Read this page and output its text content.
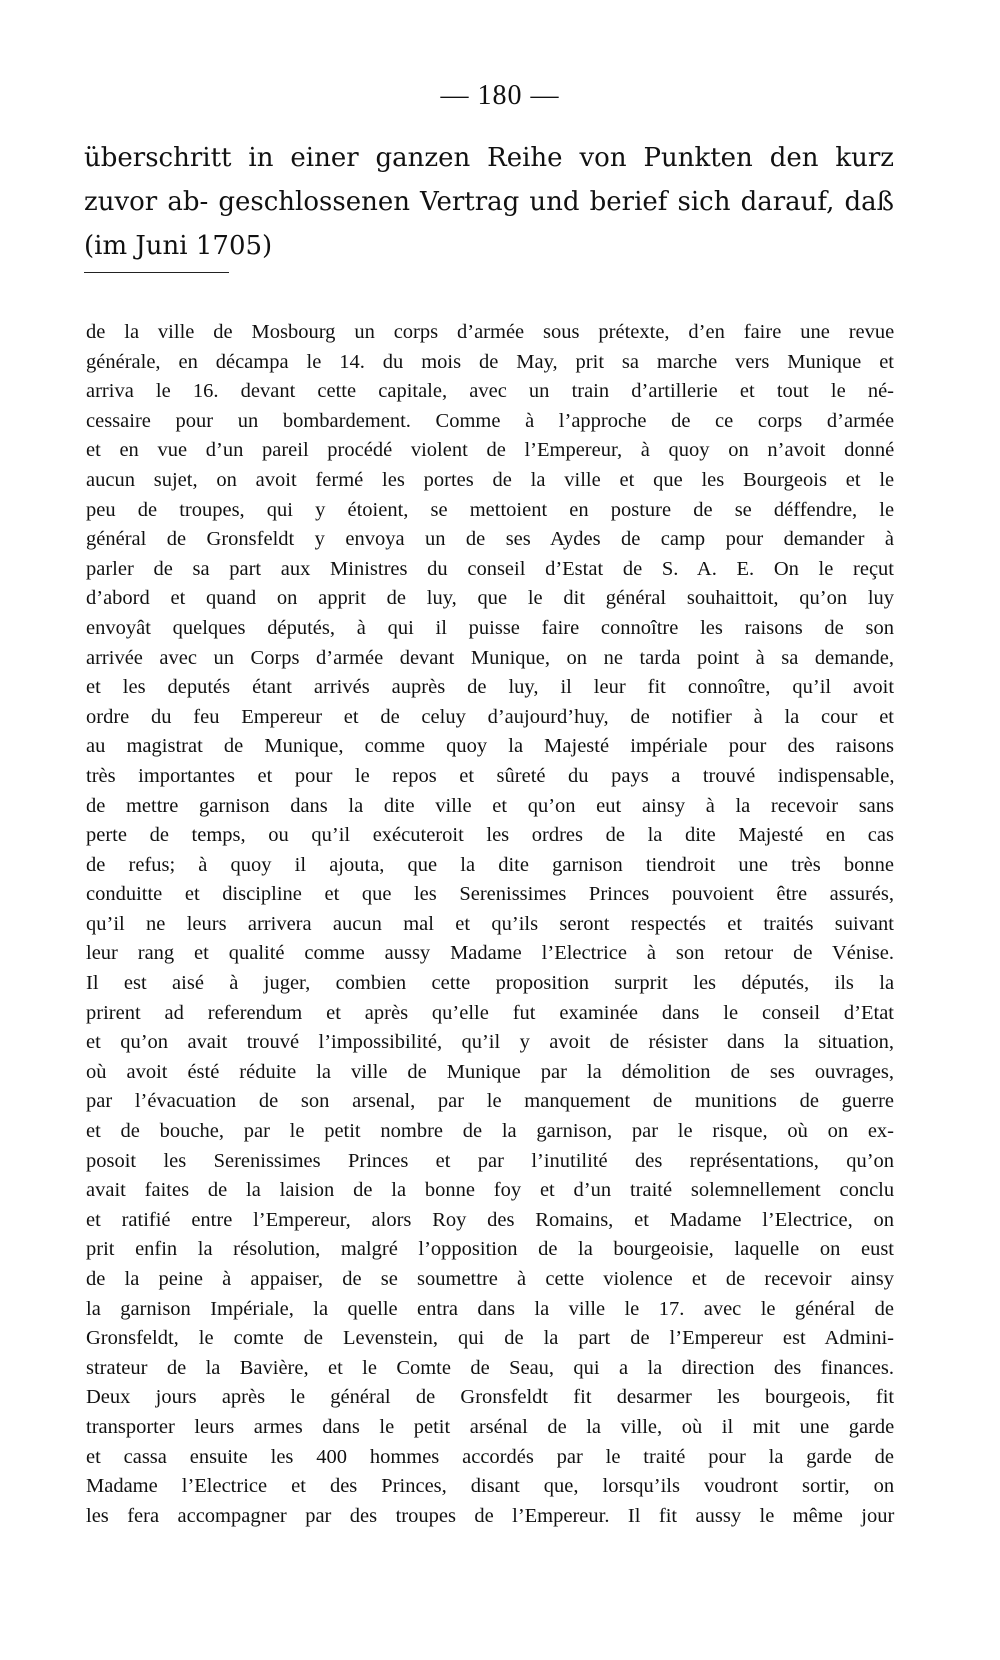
— 180 —

überschritt in einer ganzen Reihe von Punkten den kurz zuvor ab- geschlossenen Vertrag und berief sich darauf, daß (im Juni 1705)

de la ville de Mosbourg un corps d’armée sous prétexte, d’en faire une revue
générale, en décampa le 14. du mois de May, prit sa marche vers Munique et
arriva le 16. devant cette capitale, avec un train d’artillerie et tout le né-
cessaire pour un bombardement. Comme à l’approche de ce corps d’armée
et en vue d’un pareil procédé violent de l’Empereur, à quoy on n’avoit donné
aucun sujet, on avoit fermé les portes de la ville et que les Bourgeois et le
peu de troupes, qui y étoient, se mettoient en posture de se déffendre, le
général de Gronsfeldt y envoya un de ses Aydes de camp pour demander à
parler de sa part aux Ministres du conseil d’Estat de S. A. E. On le reçut
d’abord et quand on apprit de luy, que le dit général souhaittoit, qu’on luy
envoyât quelques députés, à qui il puisse faire connoître les raisons de son
arrivée avec un Corps d’armée devant Munique, on ne tarda point à sa demande,
et les deputés étant arrivés auprès de luy, il leur fit connoître, qu’il avoit
ordre du feu Empereur et de celuy d’aujourd’huy, de notifier à la cour et
au magistrat de Munique, comme quoy la Majesté impériale pour des raisons
très importantes et pour le repos et sûreté du pays a trouvé indispensable,
de mettre garnison dans la dite ville et qu’on eut ainsy à la recevoir sans
perte de temps, ou qu’il exécuteroit les ordres de la dite Majesté en cas
de refus; à quoy il ajouta, que la dite garnison tiendroit une très bonne
conduitte et discipline et que les Serenissimes Princes pouvoient être assurés,
qu’il ne leurs arrivera aucun mal et qu’ils seront respectés et traités suivant
leur rang et qualité comme aussy Madame l’Electrice à son retour de Vénise.
Il est aisé à juger, combien cette proposition surprit les députés, ils la
prirent ad referendum et après qu’elle fut examinée dans le conseil d’Etat
et qu’on avait trouvé l’impossibilité, qu’il y avoit de résister dans la situation,
où avoit ésté réduite la ville de Munique par la démolition de ses ouvrages,
par l’évacuation de son arsenal, par le manquement de munitions de guerre
et de bouche, par le petit nombre de la garnison, par le risque, où on ex-
posoit les Serenissimes Princes et par l’inutilité des représentations, qu’on
avait faites de la laision de la bonne foy et d’un traité solemnellement conclu
et ratifié entre l’Empereur, alors Roy des Romains, et Madame l’Electrice, on
prit enfin la résolution, malgré l’opposition de la bourgeoisie, laquelle on eust
de la peine à appaiser, de se soumettre à cette violence et de recevoir ainsy
la garnison Impériale, la quelle entra dans la ville le 17. avec le général de
Gronsfeldt, le comte de Levenstein, qui de la part de l’Empereur est Admini-
strateur de la Bavière, et le Comte de Seau, qui a la direction des finances.
Deux jours après le général de Gronsfeldt fit desarmer les bourgeois, fit
transporter leurs armes dans le petit arsénal de la ville, où il mit une garde
et cassa ensuite les 400 hommes accordés par le traité pour la garde de
Madame l’Electrice et des Princes, disant que, lorsqu’ils voudront sortir, on
les fera accompagner par des troupes de l’Empereur. Il fit aussy le même jour
